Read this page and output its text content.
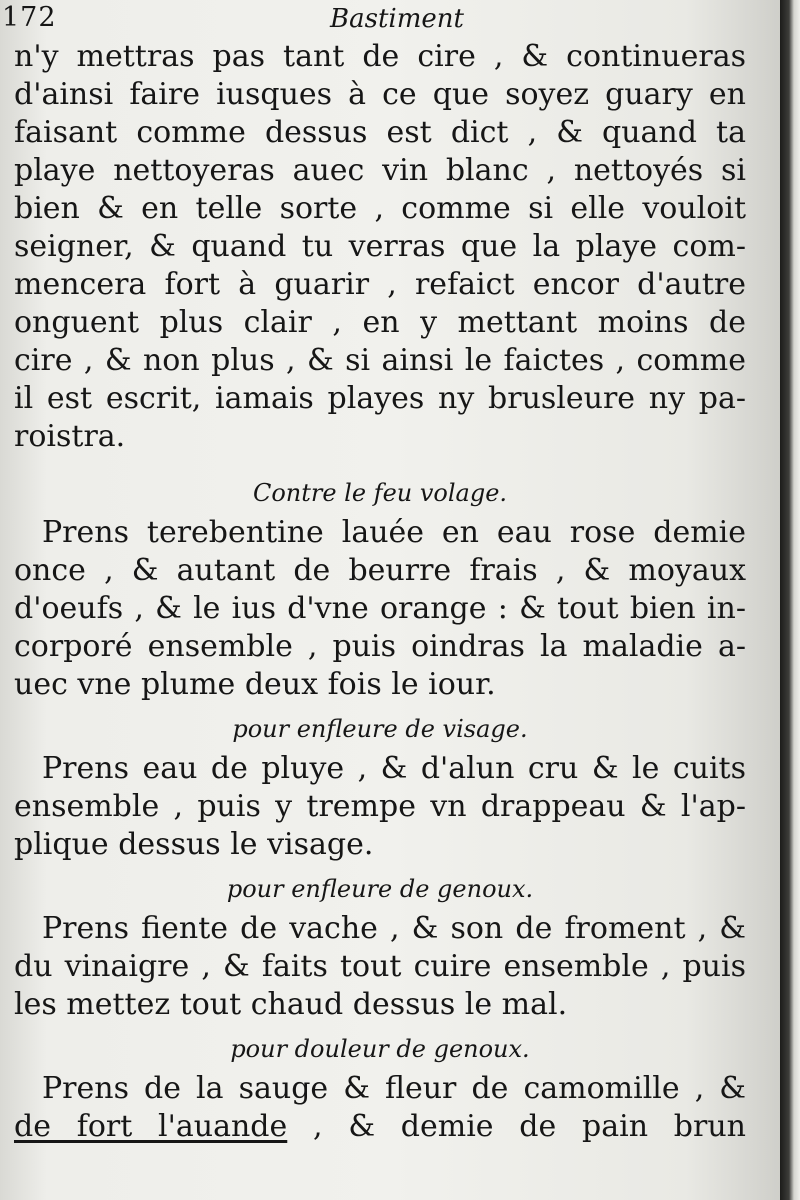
172	Bastiment
n'y mettras pas tant de cire , & continueras
d'ainsi faire iusques à ce que soyez guary en
faisant comme dessus est dict , & quand ta
playe nettoyeras auec vin blanc , nettoyés si
bien & en telle sorte , comme si elle vouloit
seigner, & quand tu verras que la playe com-
mencera fort à guarir , refaict encor d'autre
onguent plus clair , en y mettant moins de
cire , & non plus , & si ainsi le faictes , comme
il est escrit, iamais playes ny brusleure ny pa-
roistra.
Contre le feu volage.
Prens terebentine lauée en eau rose demie
once , & autant de beurre frais , & moyaux
d'oeufs , & le ius d'vne orange : & tout bien in-
corporé ensemble , puis oindras la maladie a-
uec vne plume deux fois le iour.
pour enfleure de visage.
Prens eau de pluye , & d'alun cru & le cuits
ensemble , puis y trempe vn drappeau & l'ap-
plique dessus le visage.
pour enfleure de genoux.
Prens fiente de vache , & son de froment , &
du vinaigre , & faits tout cuire ensemble , puis
les mettez tout chaud dessus le mal.
pour douleur de genoux.
Prens de la sauge & fleur de camomille , &
de fort l'auande , & demie de pain brun
